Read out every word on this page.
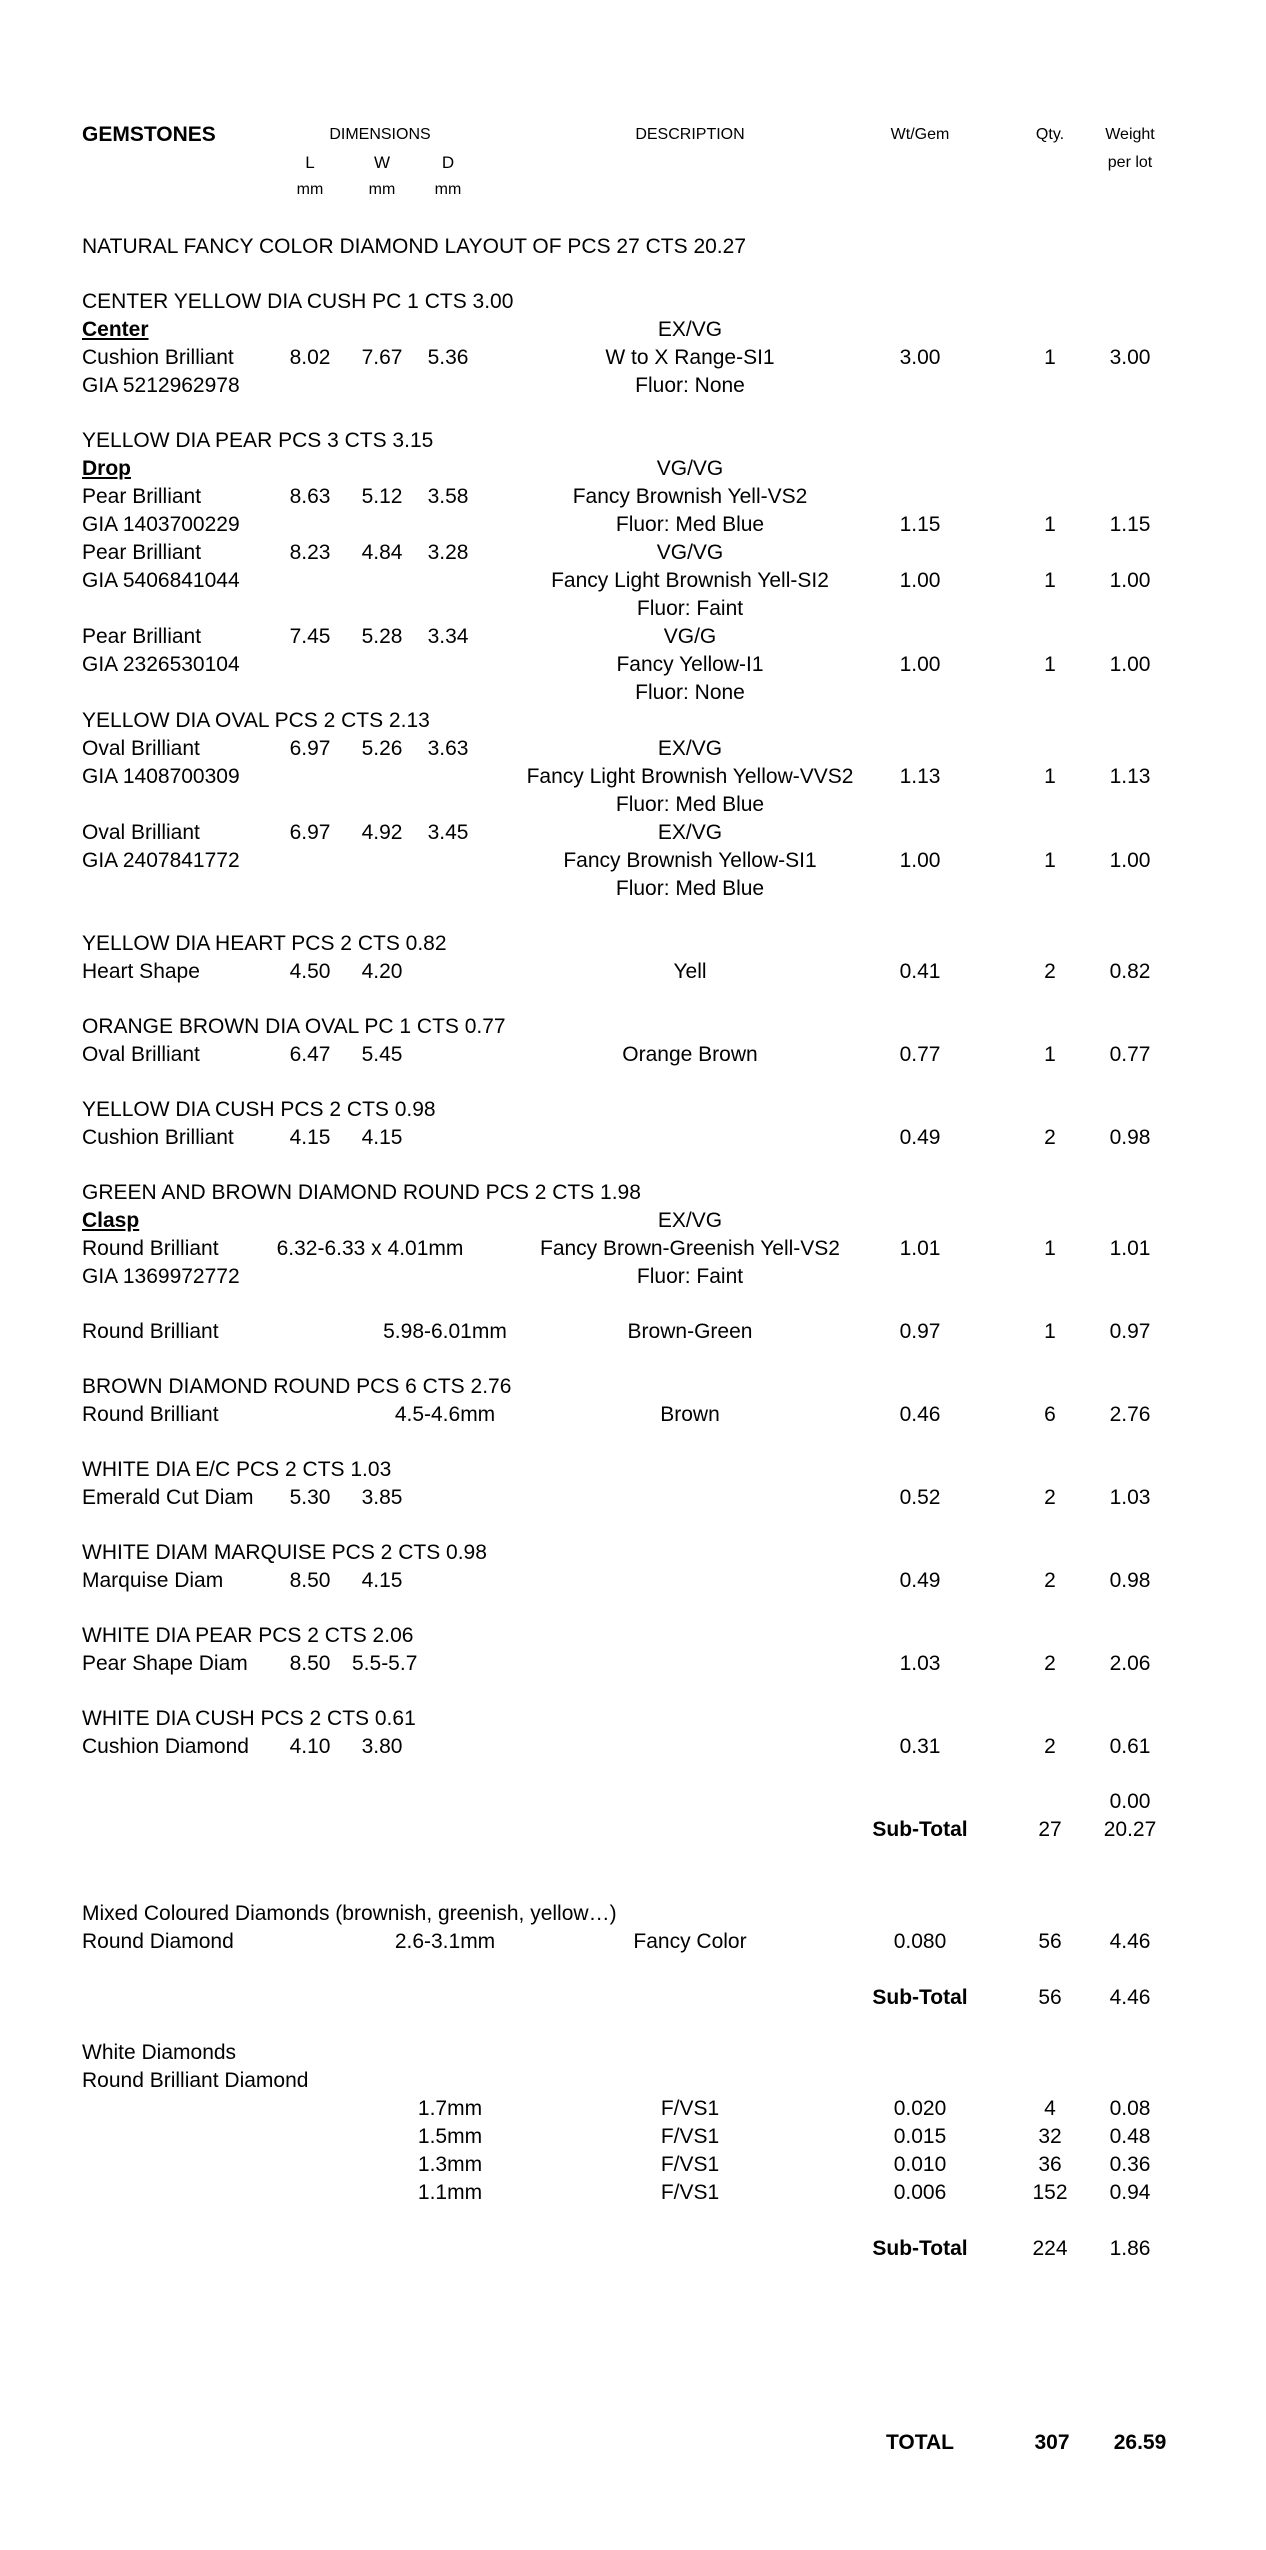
GEMSTONES	DIMENSIONS
L	W	D
mm	mm	mm
DESCRIPTION	Wt/Gem	Qty.	Weight
per lot
NATURAL FANCY COLOR DIAMOND LAYOUT OF PCS 27 CTS 20.27
CENTER YELLOW DIA CUSH PC 1 CTS 3.00
Center	EX/VG
Cushion Brilliant	8.02	7.67	5.36	W to X Range-SI1	3.00	1	3.00
GIA 5212962978	Fluor: None
YELLOW DIA PEAR PCS 3 CTS 3.15
Drop	VG/VG
Pear Brilliant	8.63	5.12	3.58	Fancy Brownish Yell-VS2
GIA 1403700229	Fluor: Med Blue	1.15	1	1.15
Pear Brilliant	8.23	4.84	3.28	VG/VG
GIA 5406841044	Fancy Light Brownish Yell-SI2	1.00	1	1.00
Fluor: Faint
Pear Brilliant	7.45	5.28	3.34	VG/G
GIA 2326530104	Fancy Yellow-I1	1.00	1	1.00
Fluor: None
YELLOW DIA OVAL PCS 2 CTS 2.13
Oval Brilliant	6.97	5.26	3.63	EX/VG
GIA 1408700309	Fancy Light Brownish Yellow-VVS2	1.13	1	1.13
Fluor: Med Blue
Oval Brilliant	6.97	4.92	3.45	EX/VG
GIA 2407841772	Fancy Brownish Yellow-SI1	1.00	1	1.00
Fluor: Med Blue
YELLOW DIA HEART PCS 2 CTS 0.82
Heart Shape	4.50	4.20	Yell	0.41	2	0.82
ORANGE BROWN DIA OVAL PC 1 CTS 0.77
Oval Brilliant	6.47	5.45	Orange Brown	0.77	1	0.77
YELLOW DIA CUSH PCS 2 CTS 0.98
Cushion Brilliant	4.15	4.15	0.49	2	0.98
GREEN AND BROWN DIAMOND ROUND PCS 2 CTS 1.98
Clasp	EX/VG
Round Brilliant	6.32-6.33 x 4.01mm	Fancy Brown-Greenish Yell-VS2	1.01	1	1.01
GIA 1369972772	Fluor: Faint
Round Brilliant	5.98-6.01mm	Brown-Green	0.97	1	0.97
BROWN DIAMOND ROUND PCS 6 CTS 2.76
Round Brilliant	4.5-4.6mm	Brown	0.46	6	2.76
WHITE DIA E/C PCS 2 CTS 1.03
Emerald Cut Diam	5.30	3.85	0.52	2	1.03
WHITE DIAM MARQUISE PCS 2 CTS 0.98
Marquise Diam	8.50	4.15	0.49	2	0.98
WHITE DIA PEAR PCS 2 CTS 2.06
Pear Shape Diam	8.50	5.5-5.7	1.03	2	2.06
WHITE DIA CUSH PCS 2 CTS 0.61
Cushion Diamond	4.10	3.80	0.31	2	0.61
0.00
Sub-Total	27	20.27
Mixed Coloured Diamonds (brownish, greenish, yellow…)
Round Diamond	2.6-3.1mm	Fancy Color	0.080	56	4.46
Sub-Total	56	4.46
White Diamonds
Round Brilliant Diamond
1.7mm	F/VS1	0.020	4	0.08
1.5mm	F/VS1	0.015	32	0.48
1.3mm	F/VS1	0.010	36	0.36
1.1mm	F/VS1	0.006	152	0.94
Sub-Total	224	1.86
TOTAL	307	26.59
